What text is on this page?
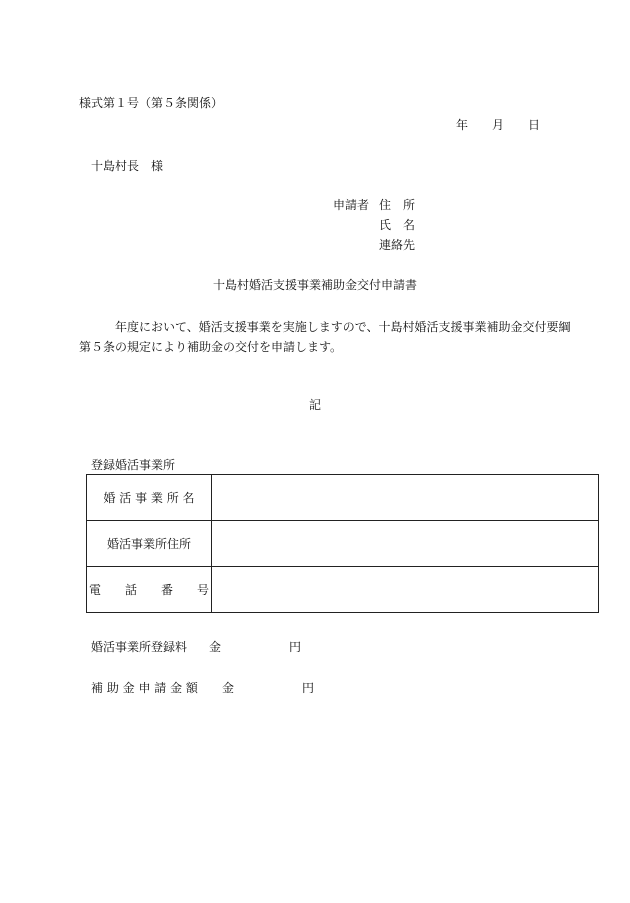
様式第１号（第５条関係）
年 月 日
十島村長　様
申請者 住　所
氏　名
連絡先
十島村婚活支援事業補助金交付申請書
年度において、婚活支援事業を実施しますので、十島村婚活支援事業補助金交付要綱第５条の規定により補助金の交付を申請します。
記
登録婚活事業所
婚 活 事 業 所 名	
婚活事業所住所	
電　　話　　番　　号	
婚活事業所登録料 金	円
補 助 金 申 請 金 額 金	円
